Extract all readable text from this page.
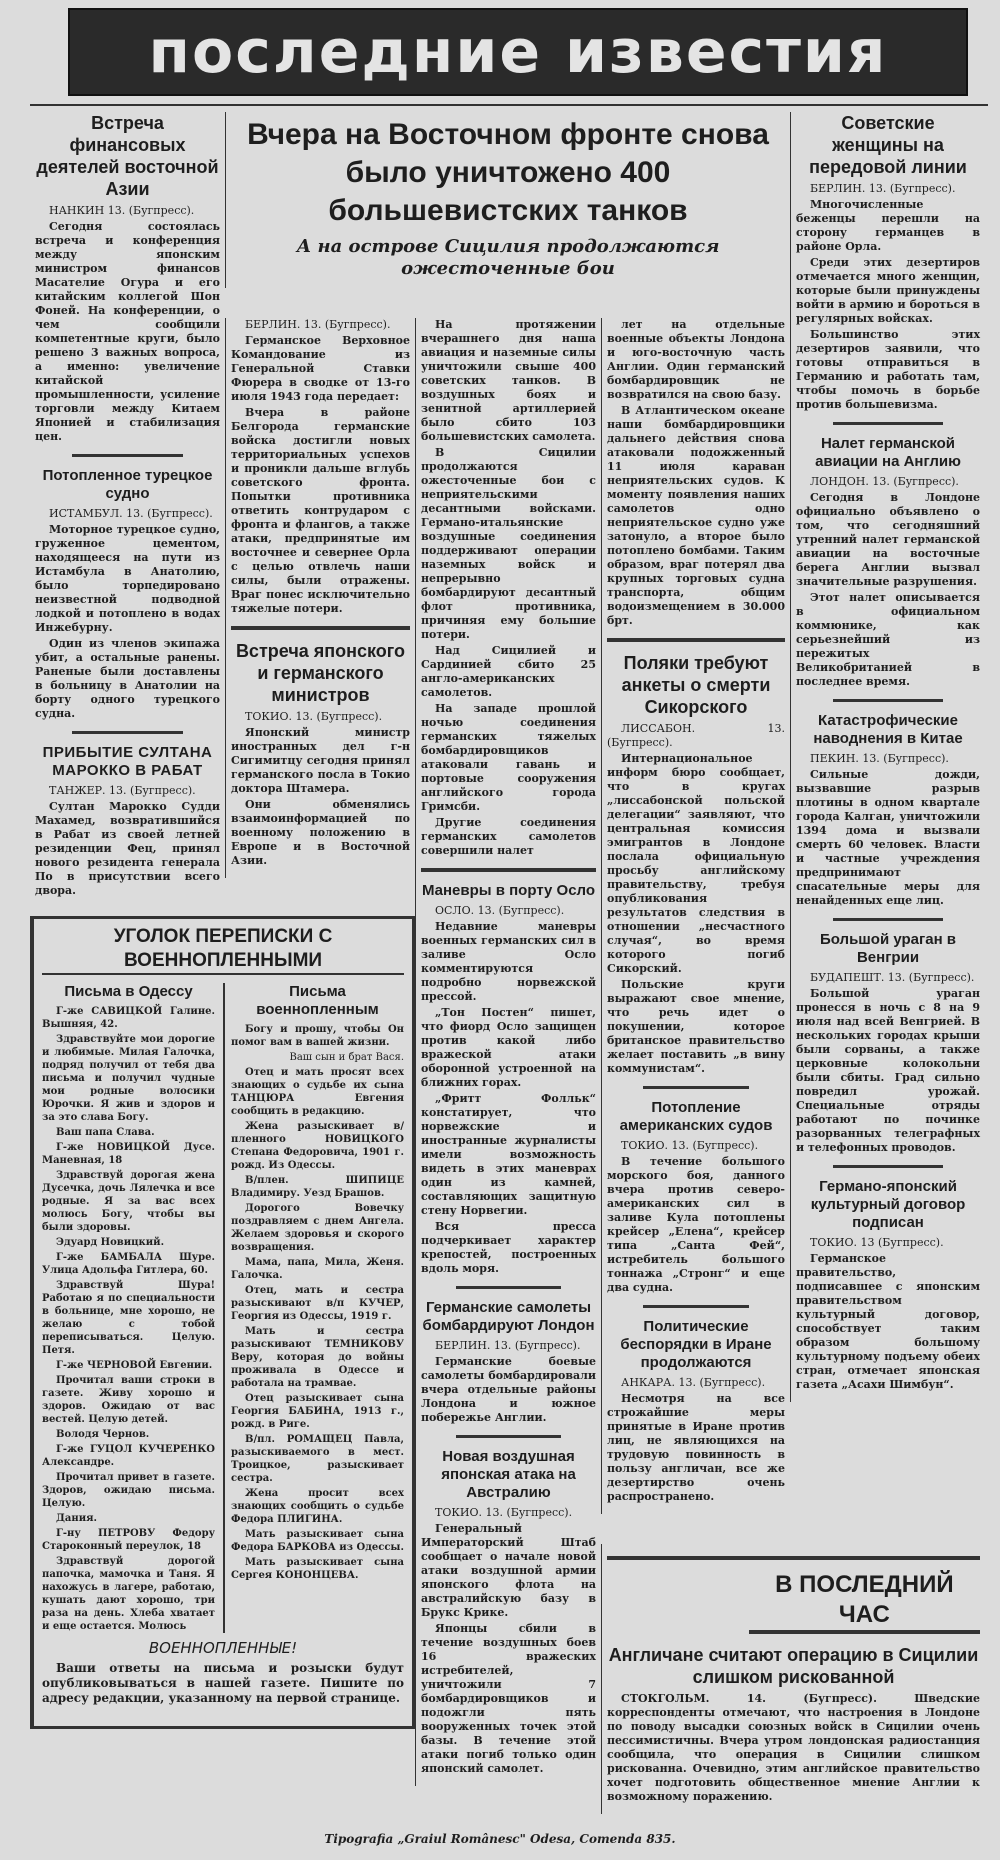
последние известия
Встреча финансовых деятелей восточной Азии

НАНКИН 13. (Бугпресс).

Сегодня состоялась встреча и конференция между японским министром финансов Масателие Огура и его китайским коллегой Шон Фоней. На конференции, о чем сообщили компетентные круги, было решено 3 важных вопроса, а именно: увеличение китайской промышленности, усиление торговли между Китаем Японией и стабилизация цен.

Потопленное турецкое судно

ИСТАМБУЛ. 13. (Бугпресс).

Моторное турецкое судно, груженное цементом, находящееся на пути из Истамбула в Анатолию, было торпедировано неизвестной подводной лодкой и потоплено в водах Инжебурну.

Один из членов экипажа убит, а остальные ранены. Раненые были доставлены в больницу в Анатолии на борту одного турецкого судна.

ПРИБЫТИЕ СУЛТАНА МАРОККО В РАБАТ

ТАНЖЕР. 13. (Бугпресс).

Султан Марокко Судди Махамед, возвратившийся в Рабат из своей летней резиденции Фец, принял нового резидента генерала По в присутствии всего двора.

Вчера на Восточном фронте снова было уничтожено 400 большевистских танков
А на острове Сицилия продолжаются ожесточенные бои

БЕРЛИН. 13. (Бугпресс).

Германское Верховное Командование из Генеральной Ставки Фюрера в сводке от 13-го июля 1943 года передает:

Вчера в районе Белгорода германские войска достигли новых территориальных успехов и проникли дальше вглубь советского фронта. Попытки противника ответить контрударом с фронта и флангов, а также атаки, предпринятые им восточнее и севернее Орла с целью отвлечь наши силы, были отражены. Враг понес исключительно тяжелые потери.

Встреча японского и германского министров

ТОКИО. 13. (Бугпресс).

Японский министр иностранных дел г-н Сигимитцу сегодня принял германского посла в Токио доктора Штамера.

Они обменялись взаимоинформацией по военному положению в Европе и в Восточной Азии.

На протяжении вчерашнего дня наша авиация и наземные силы уничтожили свыше 400 советских танков. В воздушных боях и зенитной артиллерией было сбито 103 большевистских самолета.

В Сицилии продолжаются ожесточенные бои с неприятельскими десантными войсками. Германо-итальянские воздушные соединения поддерживают операции наземных войск и непрерывно бомбардируют десантный флот противника, причиняя ему большие потери.

Над Сицилией и Сардинией сбито 25 англо-американских самолетов.

На западе прошлой ночью соединения германских тяжелых бомбардировщиков атаковали гавань и портовые сооружения английского города Гримсби.

Другие соединения германских самолетов совершили налет

Маневры в порту Осло

ОСЛО. 13. (Бугпресс).

Недавние маневры военных германских сил в заливе Осло комментируются подробно норвежской прессой.

„Тон Постен“ пишет, что фиорд Осло защищен против какой либо вражеской атаки оборонной устроенной на ближних горах.

„Фритт Фолльк“ констатирует, что норвежские и иностранные журналисты имели возможность видеть в этих маневрах один из камней, составляющих защитную стену Норвегии.

Вся пресса подчеркивает характер крепостей, построенных вдоль моря.

Германские самолеты бомбардируют Лондон

БЕРЛИН. 13. (Бугпресс).

Германские боевые самолеты бомбардировали вчера отдельные районы Лондона и южное побережье Англии.

Новая воздушная японская атака на Австралию

ТОКИО. 13. (Бугпресс).

Генеральный Императорский Штаб сообщает о начале новой атаки воздушной армии японского флота на австралийскую базу в Брукс Крике.

Японцы сбили в течение воздушных боев 16 вражеских истребителей, уничтожили 7 бомбардировщиков и подожгли пять вооруженных точек этой базы. В течение этой атаки погиб только один японский самолет.

лет на отдельные военные объекты Лондона и юго-восточную часть Англии. Один германский бомбардировщик не возвратился на свою базу.

В Атлантическом океане наши бомбардировщики дальнего действия снова атаковали подожженный 11 июля караван неприятельских судов. К моменту появления наших самолетов одно неприятельское судно уже затонуло, а второе было потоплено бомбами. Таким образом, враг потерял два крупных торговых судна транспорта, общим водоизмещением в 30.000 брт.

Поляки требуют анкеты о смерти Сикорского

ЛИССАБОН. 13. (Бугпресс).

Интернациональное информ бюро сообщает, что в кругах „лиссабонской польской делегации“ заявляют, что центральная комиссия эмигрантов в Лондоне послала официальную просьбу английскому правительству, требуя опубликования результатов следствия в отношении „несчастного случая“, во время которого погиб Сикорский.

Польские круги выражают свое мнение, что речь идет о покушении, которое британское правительство желает поставить „в вину коммунистам“.

Потопление американских судов

ТОКИО. 13. (Бугпресс).

В течение большого морского боя, данного вчера против северо-американских сил в заливе Кула потоплены крейсер „Елена“, крейсер типа „Санта Фей“, истребитель большого тоннажа „Стронг“ и еще два судна.

Политические беспорядки в Иране продолжаются

АНКАРА. 13. (Бугпресс).

Несмотря на все строжайшие меры принятые в Иране против лиц, не являющихся на трудовую повинность в пользу англичан, все же дезертирство очень распространено.

Советские женщины на передовой линии

БЕРЛИН. 13. (Бугпресс).

Многочисленные беженцы перешли на сторону германцев в районе Орла.

Среди этих дезертиров отмечается много женщин, которые были принуждены войти в армию и бороться в регулярных войсках.

Большинство этих дезертиров заявили, что готовы отправиться в Германию и работать там, чтобы помочь в борьбе против большевизма.

Налет германской авиации на Англию

ЛОНДОН. 13. (Бугпресс).

Сегодня в Лондоне официально объявлено о том, что сегодняшний утренний налет германской авиации на восточные берега Англии вызвал значительные разрушения.

Этот налет описывается в официальном коммюнике, как серьезнейший из пережитых Великобританией в последнее время.

Катастрофические наводнения в Китае

ПЕКИН. 13. (Бугпресс).

Сильные дожди, вызвавшие разрыв плотины в одном квартале города Калган, уничтожили 1394 дома и вызвали смерть 60 человек. Власти и частные учреждения предпринимают спасательные меры для ненайденных еще лиц.

Большой ураган в Венгрии

БУДАПЕШТ. 13. (Бугпресс).

Большой ураган пронесся в ночь с 8 на 9 июля над всей Венгрией. В нескольких городах крыши были сорваны, а также церковные колокольни были сбиты. Град сильно повредил урожай. Специальные отряды работают по починке разорванных телеграфных и телефонных проводов.

Германо-японский культурный договор подписан

ТОКИО. 13 (Бугпресс).

Германское правительство, подписавшее с японским правительством культурный договор, способствует таким образом большому культурному подъему обеих стран, отмечает японская газета „Асахи Шимбун“.

УГОЛОК ПЕРЕПИСКИ С ВОЕННОПЛЕННЫМИ
Письма в Одессу

Г-же САВИЦКОЙ Галине. Вышняя, 42.

Здравствуйте мои дорогие и любимые. Милая Галочка, подряд получил от тебя два письма и получил чудные мои родные волосики Юрочки. Я жив и здоров и за это слава Богу.

Ваш папа Слава.

Г-же НОВИЦКОЙ Дусе. Маневная, 18

Здравствуй дорогая жена Дусечка, дочь Лялечка и все родные. Я за вас всех молюсь Богу, чтобы вы были здоровы.

Эдуард Новицкий.

Г-же БАМБАЛА Шуре. Улица Адольфа Гитлера, 60.

Здравствуй Шура! Работаю я по специальности в больнице, мне хорошо, не желаю с тобой переписываться. Целую. Петя.

Г-же ЧЕРНОВОЙ Евгении.

Прочитал ваши строки в газете. Живу хорошо и здоров. Ожидаю от вас вестей. Целую детей.

Володя Чернов.

Г-же ГУЦОЛ КУЧЕРЕНКО Александре.

Прочитал привет в газете. Здоров, ожидаю письма. Целую.

Дания.

Г-ну ПЕТРОВУ Федору Староконный переулок, 18

Здравствуй дорогой папочка, мамочка и Таня. Я нахожусь в лагере, работаю, кушать дают хорошо, три раза на день. Хлеба хватает и еще остается. Молюсь

Письма военнопленным

Богу и прошу, чтобы Он помог вам в вашей жизни.

Ваш сын и брат Вася.

Отец и мать просят всех знающих о судьбе их сына ТАНЦЮРА Евгения сообщить в редакцию.

Жена разыскивает в/пленного НОВИЦКОГО Степана Федоровича, 1901 г. рожд. Из Одессы.

В/плен. ШИПИЦЕ Владимиру. Уезд Брашов.

Дорогого Вовечку поздравляем с днем Ангела. Желаем здоровья и скорого возвращения.

Мама, папа, Мила, Женя. Галочка.

Отец, мать и сестра разыскивают в/п КУЧЕР, Георгия из Одессы, 1919 г.

Мать и сестра разыскивают ТЕМНИКОВУ Веру, которая до войны проживала в Одессе и работала на трамвае.

Отец разыскивает сына Георгия БАБИНА, 1913 г., рожд. в Риге.

В/пл. РОМАЩЕЦ Павла, разыскиваемого в мест. Троицкое, разыскивает сестра.

Жена просит всех знающих сообщить о судьбе Федора ПЛИГИНА.

Мать разыскивает сына Федора БАРКОВА из Одессы.

Мать разыскивает сына Сергея КОНОНЦЕВА.

ВОЕННОПЛЕННЫЕ!

Ваши ответы на письма и розыски будут опубликовываться в нашей газете. Пишите по адресу редакции, указанному на первой странице.

В ПОСЛЕДНИЙ ЧАС
Англичане считают операцию в Сицилии слишком рискованной

СТОКГОЛЬМ. 14. (Бугпресс). Шведские корреспонденты отмечают, что настроения в Лондоне по поводу высадки союзных войск в Сицилии очень пессимистичны. Вчера утром лондонская радиостанция сообщила, что операция в Сицилии слишком рискованна. Очевидно, этим английское правительство хочет подготовить общественное мнение Англии к возможному поражению.

Tipografia „Graiul Românesc" Odesa, Comenda 835.
